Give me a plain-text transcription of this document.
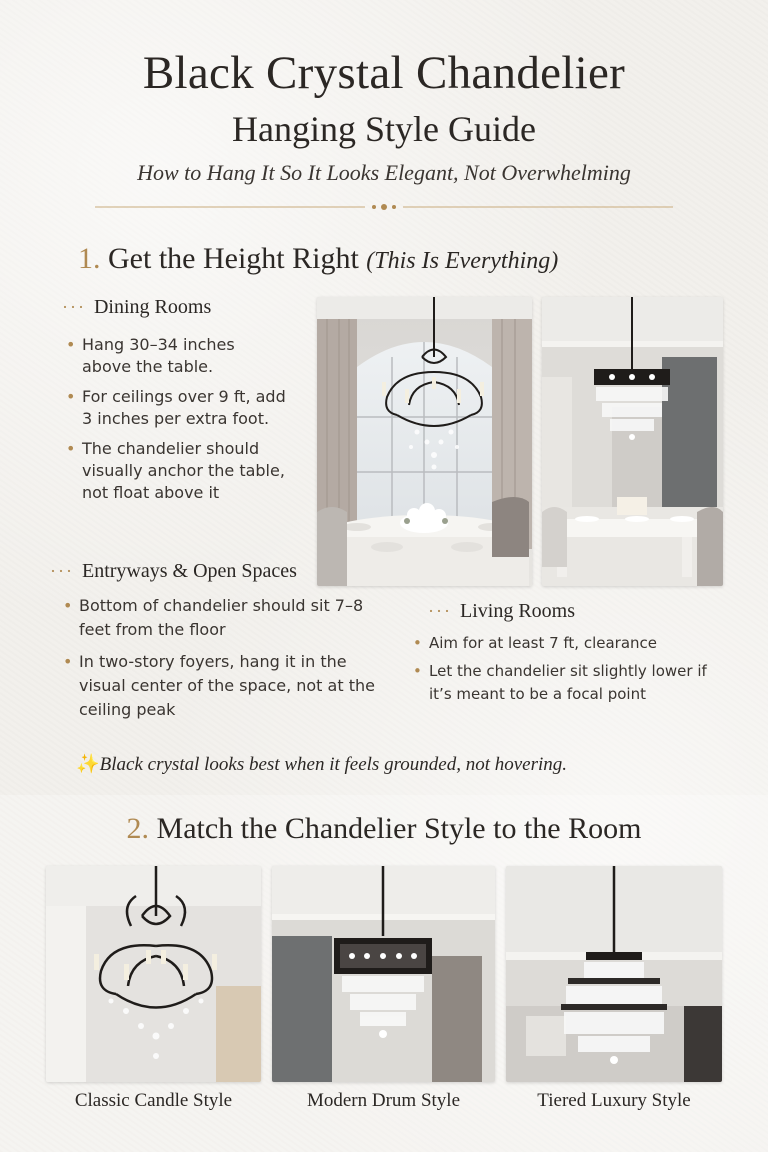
Black Crystal Chandelier
Hanging Style Guide
How to Hang It So It Looks Elegant, Not Overwhelming
1. Get the Height Right (This Is Everything)
··· Dining Rooms
• Hang 30–34 inches above the table.
• For ceilings over 9 ft, add 3 inches per extra foot.
• The chandelier should visually anchor the table, not float above it
··· Entryways & Open Spaces
• Bottom of chandelier should sit 7–8 feet from the floor
• In two-story foyers, hang it in the visual center of the space, not at the ceiling peak
··· Living Rooms
• Aim for at least 7 ft, clearance
• Let the chandelier sit slightly lower if it’s meant to be a focal point
✨Black crystal looks best when it feels grounded, not hovering.
2. Match the Chandelier Style to the Room
Classic Candle Style	Modern Drum Style	Tiered Luxury Style
